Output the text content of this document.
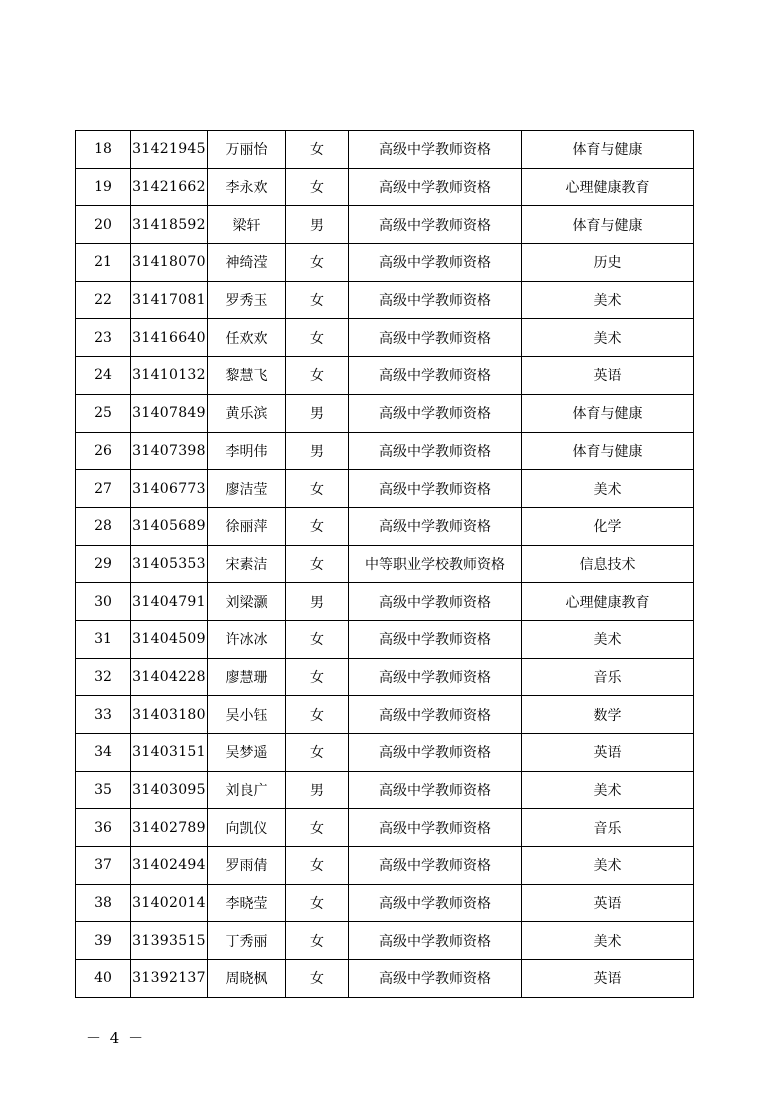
18	31421945	万丽怡	女	高级中学教师资格	体育与健康
19	31421662	李永欢	女	高级中学教师资格	心理健康教育
20	31418592	梁轩	男	高级中学教师资格	体育与健康
21	31418070	神绮滢	女	高级中学教师资格	历史
22	31417081	罗秀玉	女	高级中学教师资格	美术
23	31416640	任欢欢	女	高级中学教师资格	美术
24	31410132	黎慧飞	女	高级中学教师资格	英语
25	31407849	黄乐滨	男	高级中学教师资格	体育与健康
26	31407398	李明伟	男	高级中学教师资格	体育与健康
27	31406773	廖洁莹	女	高级中学教师资格	美术
28	31405689	徐丽萍	女	高级中学教师资格	化学
29	31405353	宋素洁	女	中等职业学校教师资格	信息技术
30	31404791	刘梁灏	男	高级中学教师资格	心理健康教育
31	31404509	许冰冰	女	高级中学教师资格	美术
32	31404228	廖慧珊	女	高级中学教师资格	音乐
33	31403180	吴小钰	女	高级中学教师资格	数学
34	31403151	吴梦遥	女	高级中学教师资格	英语
35	31403095	刘良广	男	高级中学教师资格	美术
36	31402789	向凯仪	女	高级中学教师资格	音乐
37	31402494	罗雨倩	女	高级中学教师资格	美术
38	31402014	李晓莹	女	高级中学教师资格	英语
39	31393515	丁秀丽	女	高级中学教师资格	美术
40	31392137	周晓枫	女	高级中学教师资格	英语
－ 4 －
